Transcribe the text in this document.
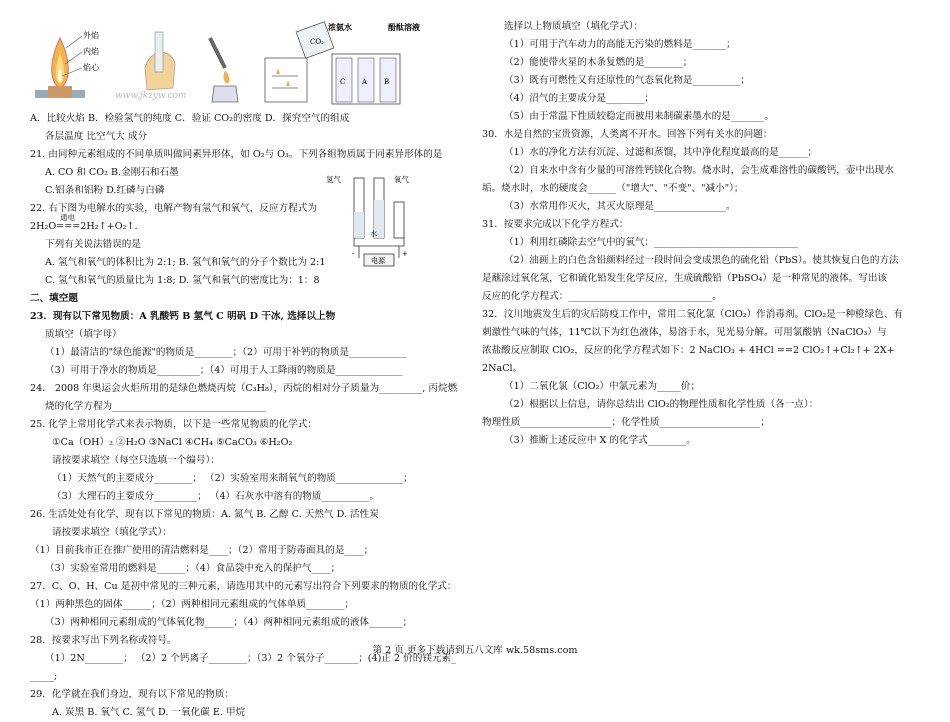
外焰
内焰
焰心
www.jkzyw.com
CO₂
浓氨水	酚酞溶液
C A B
A．比较火焰 B．检验氢气的纯度 C．验证 CO₂的密度 D．探究空气的组成
各层温度 比空气大 成分
21. 由同种元素组成的不同单质叫做同素异形体，如 O₂与 O₃。下列各组物质属于同素异形体的是
A. CO 和 CO₂ B.金刚石和石墨
C.铝条和铝粉 D.红磷与白磷
22. 右下图为电解水的实验，电解产物有氢气和氧气，反应方程式为
通电
2H₂O===2H₂↑+O₂↑.
下列有关说法错误的是
A. 氢气和氧气的体积比为 2:1; B. 氢气和氧气的分子个数比为 2:1
C. 氢气和氧气的质量比为 1:8; D. 氢气和氧气的密度比为：1：8
二、填空题
23．现有以下常见物质：A 乳酸钙 B 氢气 C 明矾 D 干冰, 选择以上物
质填空（填字母）
（1）最清洁的"绿色能源"的物质是________；（2）可用于补钙的物质是____________
（3）可用于净水的物质是_________；（4）可用于人工降雨的物质是______________
24． 2008 年奥运会火炬所用的是绿色燃烧丙烷（C₃H₈），丙烷的相对分子质量为_________, 丙烷燃
烧的化学方程为________________________________
25. 化学上常用化学式来表示物质，以下是一些常见物质的化学式：
①Ca（OH）₂ ②H₂O ③NaCl ④CH₄ ⑤CaCO₃ ⑥H₂O₂
请按要求填空（每空只选填一个编号）：
（1）天然气的主要成分________； （2）实验室用来制氧气的物质______________；
（3）大理石的主要成分_________； （4）石灰水中溶有的物质__________。
26. 生活处处有化学，现有以下常见的物质：A. 氮气 B. 乙醇 C. 天然气 D. 活性炭
请按要求填空（填化学式）：
（1）目前我市正在推广使用的清洁燃料是____；（2）常用于防毒面具的是____；
（3）实验室常用的燃料是______；（4）食品袋中充入的保护气____；
27．C、O、H、Cu 是初中常见的三种元素，请选用其中的元素写出符合下列要求的物质的化学式：
（1）两种黑色的固体______；（2）两种相同元素组成的气体单质________；
（3）两种相同元素组成的气体氧化物______；（4）两种相同元素组成的液体_______；
28．按要求写出下列名称或符号。
（1）2N________； （2）2 个钙离子________；（3）2 个氧分子_______；(4)正 2 价的镁元素_
_____;
29．化学就在我们身边，现有以下常见的物质：
A. 炭黑 B. 氧气 C. 氢气 D. 一氧化碳 E. 甲烷
氢气	氧气
水
-	+
电源
选择以上物质填空（填化学式）：
（1）可用于汽车动力的高能无污染的燃料是_______；
（2）能使带火星的木条复燃的是________；
（3）既有可燃性又有还原性的气态氧化物是__________；
（4）沼气的主要成分是________；
（5）由于常温下性质较稳定而被用来制碳素墨水的是_______。
30．水是自然的宝贵资源，人类离不开水。回答下列有关水的问题：
（1）水的净化方法有沉淀、过滤和蒸馏，其中净化程度最高的是______；
（2）自来水中含有少量的可溶性钙镁化合物。烧水时，会生成难溶性的碳酸钙，壶中出现水
垢。烧水时，水的硬度会______（"增大"、"不变"、"减小"）；
（3）水常用作灭火，其灭火原理是_______________。
31．按要求完成以下化学方程式：
（1）利用红磷除去空气中的氧气：______________________________
（2）油画上的白色含铅颜料经过一段时间会变成黑色的硫化铅（PbS）。使其恢复白色的方法
是蘸涂过氧化氢，它和硫化铅发生化学反应，生成硫酸铅（PbSO₄）是一种常见的液体。写出该
反应的化学方程式：______________________________。
32．汶川地震发生后的灾后防疫工作中，常用二氧化氯（ClO₂）作消毒剂。ClO₂是一种橙绿色、有
刺激性气味的气体，11℃以下为红色液体，易溶于水，见光易分解。可用氯酸钠（NaClO₃）与
浓盐酸反应制取 ClO₂，反应的化学方程式如下：2 NaClO₃ + 4HCl ==2 ClO₂↑+Cl₂↑+ 2X+
2NaCl。
（1）二氧化氯（ClO₂）中氯元素为_____价；
（2）根据以上信息，请你总结出 ClO₂的物理性质和化学性质（各一点）：
物理性质___________________；化学性质_____________________；
（3）推断上述反应中 X 的化学式________。
第 2 页 更多下载请到五八文库 wk.58sms.com
